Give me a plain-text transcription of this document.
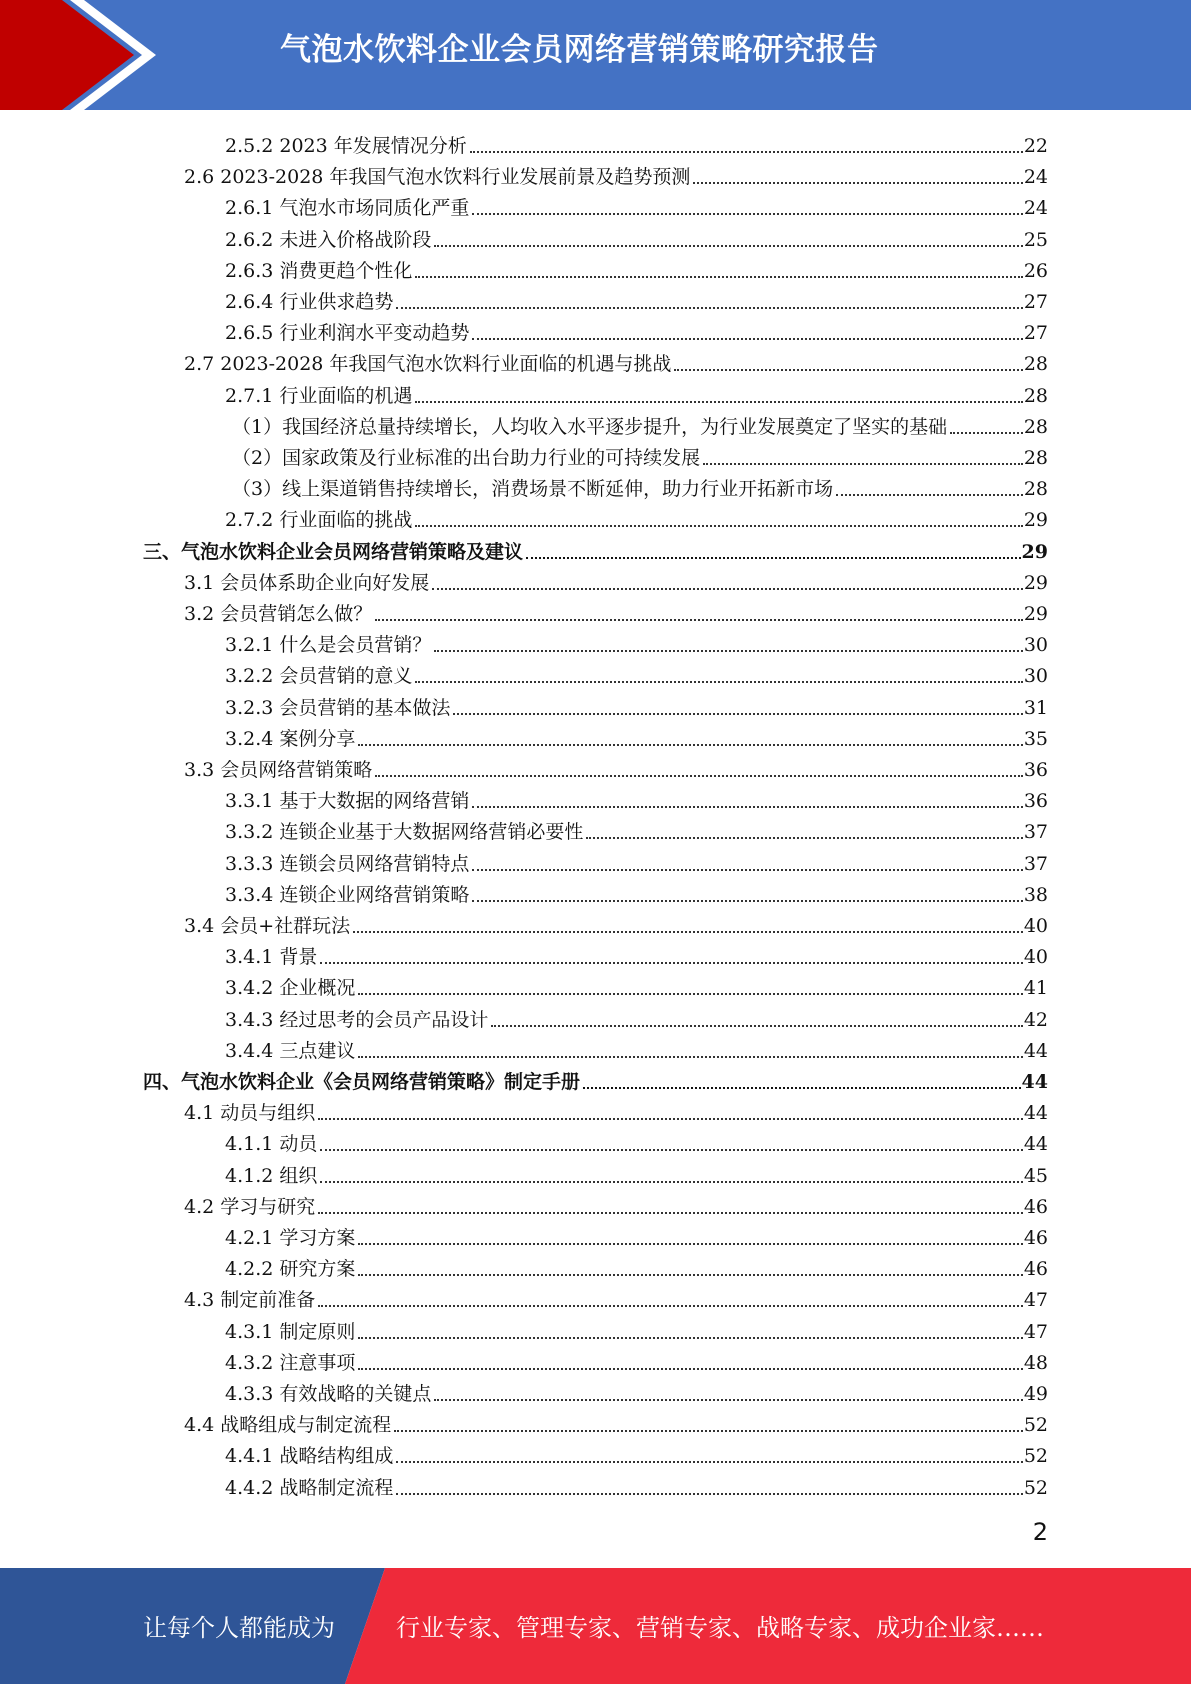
气泡水饮料企业会员网络营销策略研究报告
2.5.2 2023 年发展情况分析	22
2.6 2023-2028 年我国气泡水饮料行业发展前景及趋势预测	24
2.6.1 气泡水市场同质化严重	24
2.6.2 未进入价格战阶段	25
2.6.3 消费更趋个性化	26
2.6.4 行业供求趋势	27
2.6.5 行业利润水平变动趋势	27
2.7 2023-2028 年我国气泡水饮料行业面临的机遇与挑战	28
2.7.1 行业面临的机遇	28
（1）我国经济总量持续增长，人均收入水平逐步提升，为行业发展奠定了坚实的基础	28
（2）国家政策及行业标准的出台助力行业的可持续发展	28
（3）线上渠道销售持续增长，消费场景不断延伸，助力行业开拓新市场	28
2.7.2 行业面临的挑战	29
三、气泡水饮料企业会员网络营销策略及建议	29
3.1 会员体系助企业向好发展	29
3.2 会员营销怎么做？	29
3.2.1 什么是会员营销？	30
3.2.2 会员营销的意义	30
3.2.3 会员营销的基本做法	31
3.2.4 案例分享	35
3.3 会员网络营销策略	36
3.3.1 基于大数据的网络营销	36
3.3.2 连锁企业基于大数据网络营销必要性	37
3.3.3 连锁会员网络营销特点	37
3.3.4 连锁企业网络营销策略	38
3.4 会员+社群玩法	40
3.4.1 背景	40
3.4.2 企业概况	41
3.4.3 经过思考的会员产品设计	42
3.4.4 三点建议	44
四、气泡水饮料企业《会员网络营销策略》制定手册	44
4.1 动员与组织	44
4.1.1 动员	44
4.1.2 组织	45
4.2 学习与研究	46
4.2.1 学习方案	46
4.2.2 研究方案	46
4.3 制定前准备	47
4.3.1 制定原则	47
4.3.2 注意事项	48
4.3.3 有效战略的关键点	49
4.4 战略组成与制定流程	52
4.4.1 战略结构组成	52
4.4.2 战略制定流程	52
2
让每个人都能成为	行业专家、管理专家、营销专家、战略专家、成功企业家……
